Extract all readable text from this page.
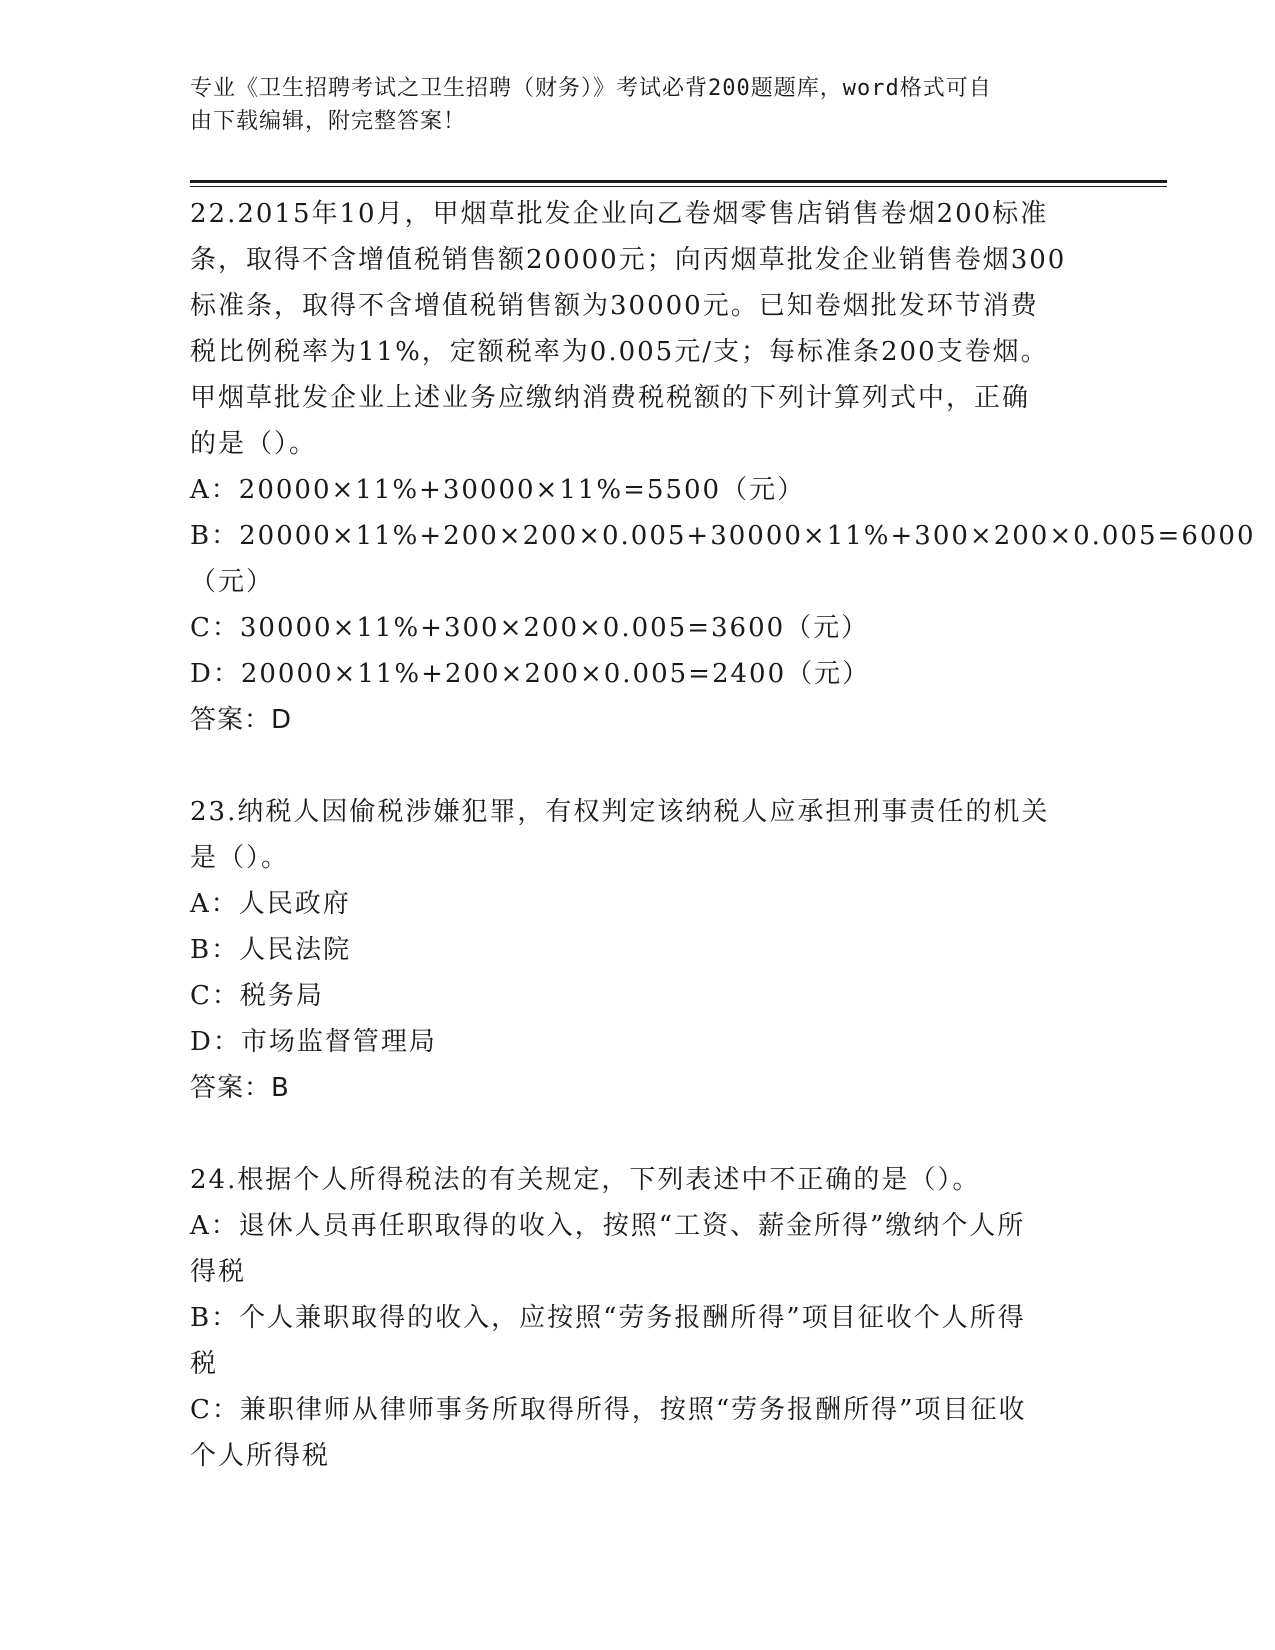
专业《卫生招聘考试之卫生招聘（财务）》考试必背200题题库，word格式可自
由下载编辑，附完整答案！
22.2015年10月，甲烟草批发企业向乙卷烟零售店销售卷烟200标准
条，取得不含增值税销售额20000元；向丙烟草批发企业销售卷烟300
标准条，取得不含增值税销售额为30000元。已知卷烟批发环节消费
税比例税率为11%，定额税率为0.005元/支；每标准条200支卷烟。
甲烟草批发企业上述业务应缴纳消费税税额的下列计算列式中，正确
的是（）。
A：20000×11%+30000×11%=5500（元）
B：20000×11%+200×200×0.005+30000×11%+300×200×0.005=6000
（元）
C：30000×11%+300×200×0.005=3600（元）
D：20000×11%+200×200×0.005=2400（元）
答案：D
23.纳税人因偷税涉嫌犯罪，有权判定该纳税人应承担刑事责任的机关
是（）。
A：人民政府
B：人民法院
C：税务局
D：市场监督管理局
答案：B
24.根据个人所得税法的有关规定，下列表述中不正确的是（）。
A：退休人员再任职取得的收入，按照“工资、薪金所得”缴纳个人所
得税
B：个人兼职取得的收入，应按照“劳务报酬所得”项目征收个人所得
税
C：兼职律师从律师事务所取得所得，按照“劳务报酬所得”项目征收
个人所得税
